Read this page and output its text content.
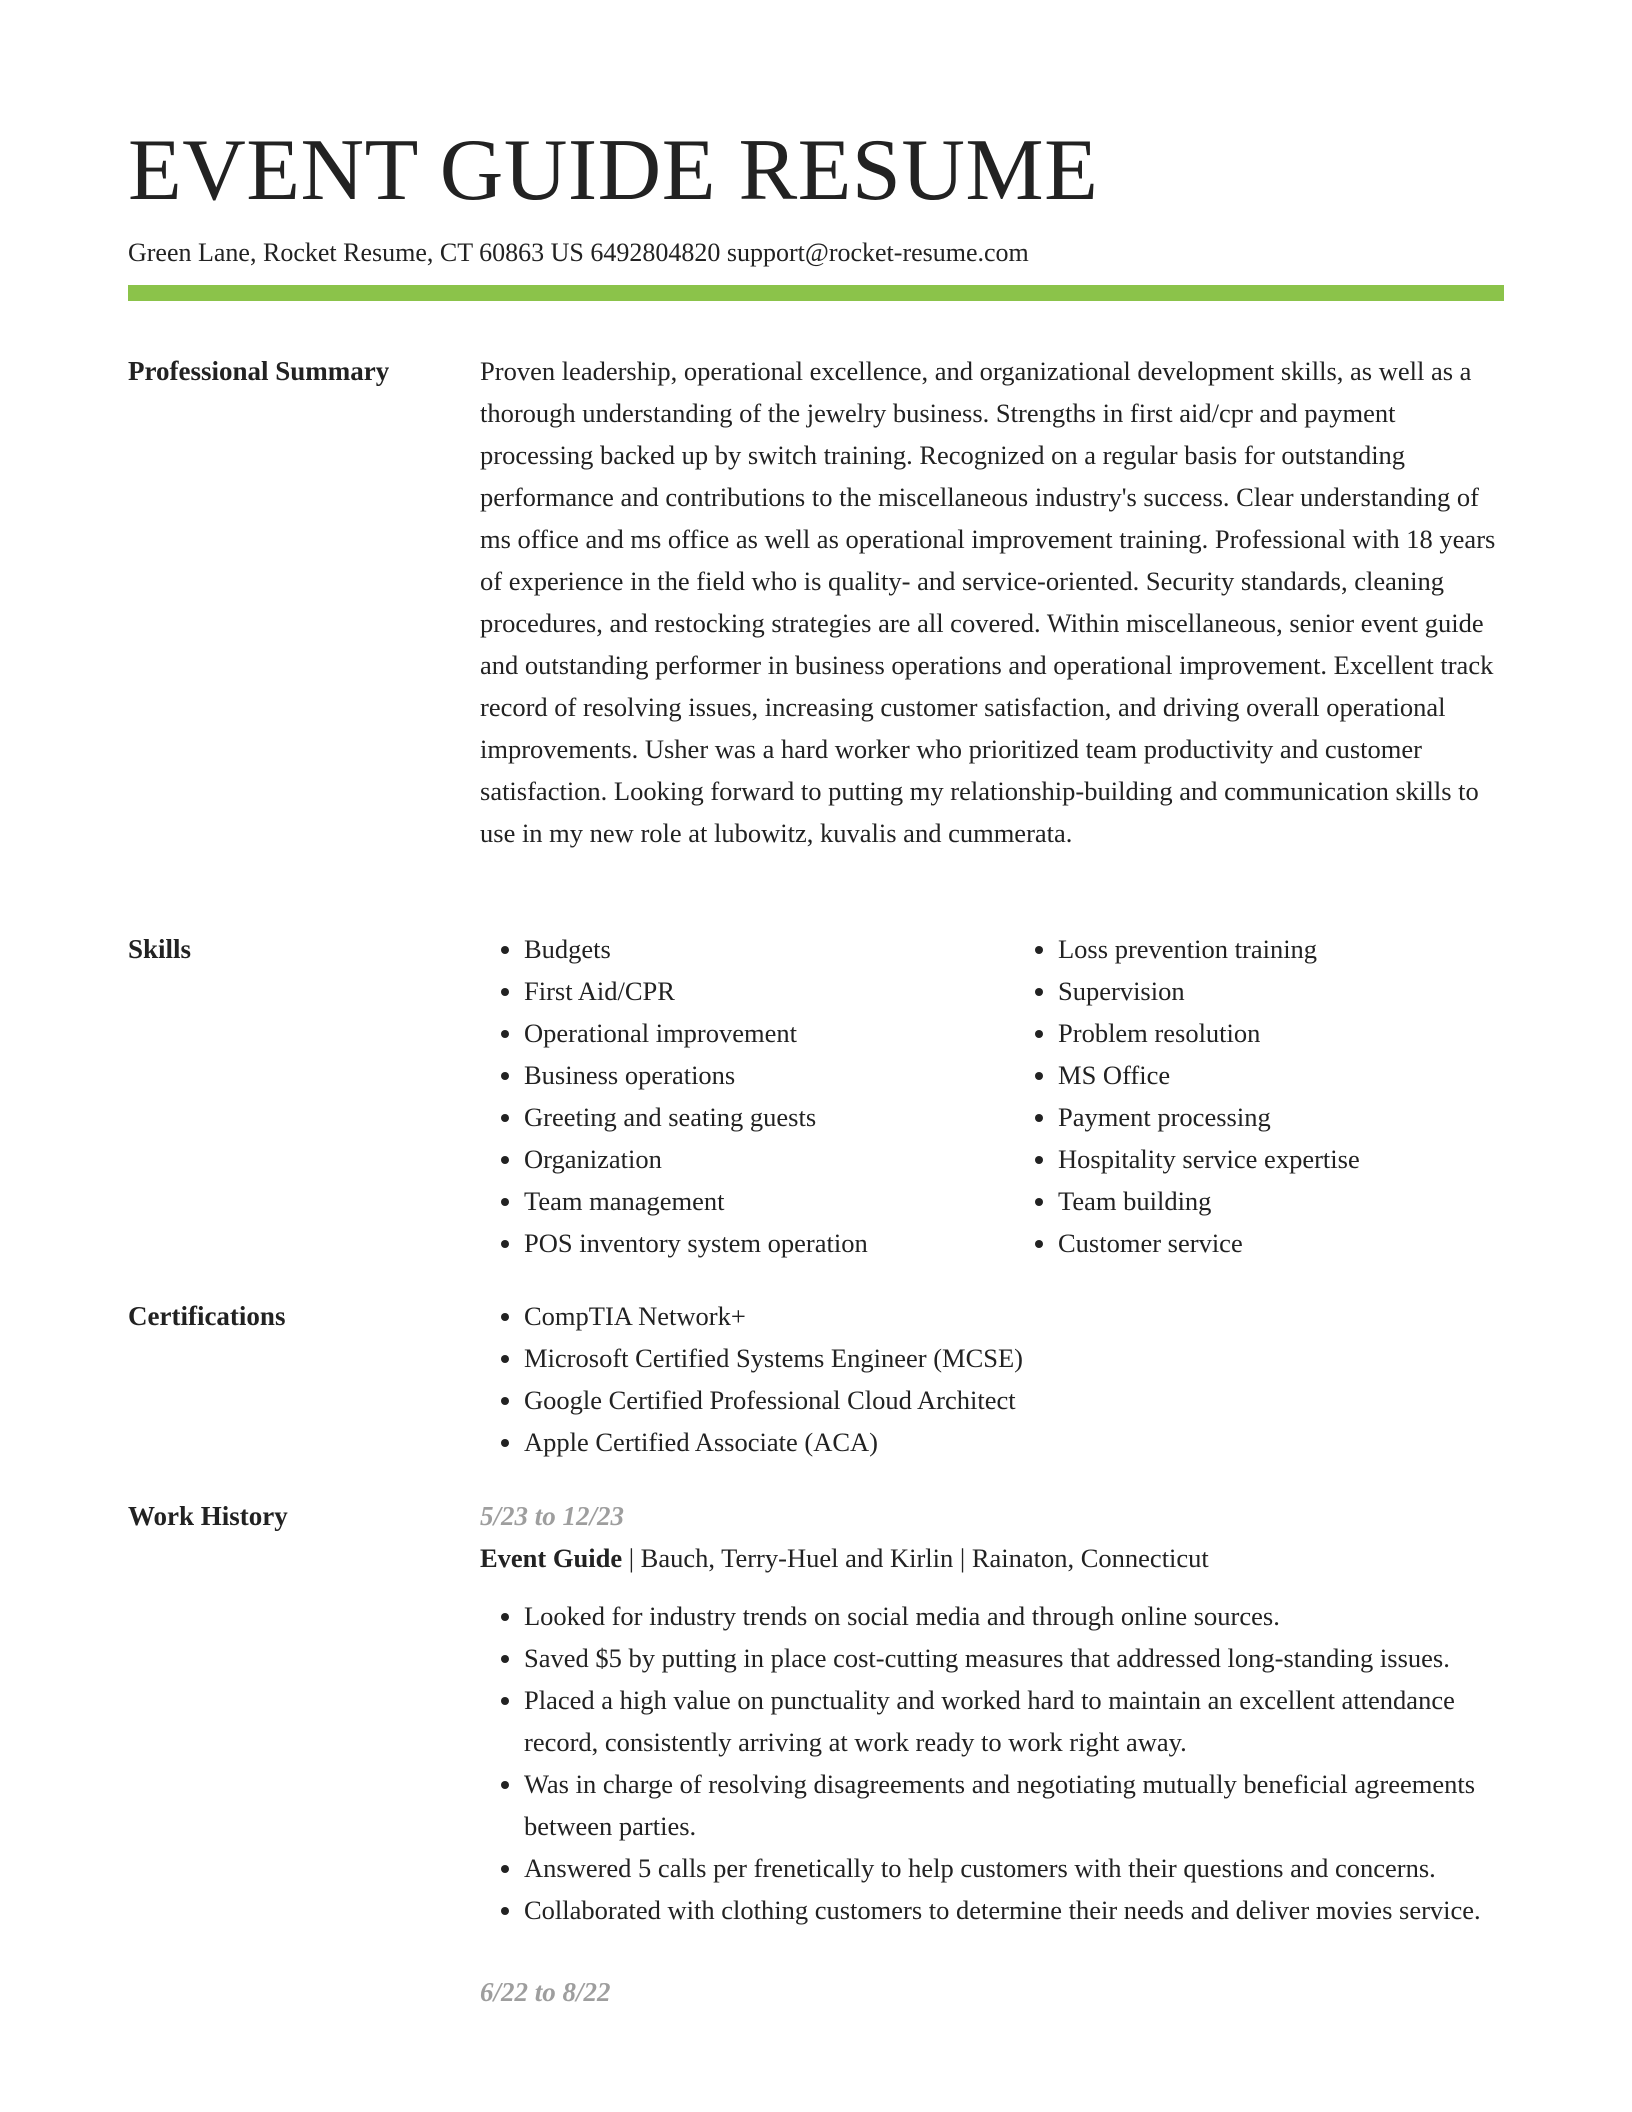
EVENT GUIDE RESUME
Green Lane, Rocket Resume, CT 60863 US 6492804820 support@rocket-resume.com
Professional Summary	Proven leadership, operational excellence, and organizational development skills, as well as a thorough understanding of the jewelry business. Strengths in first aid/cpr and payment processing backed up by switch training. Recognized on a regular basis for outstanding performance and contributions to the miscellaneous industry's success. Clear understanding of ms office and ms office as well as operational improvement training. Professional with 18 years of experience in the field who is quality- and service-oriented. Security standards, cleaning procedures, and restocking strategies are all covered. Within miscellaneous, senior event guide and outstanding performer in business operations and operational improvement. Excellent track record of resolving issues, increasing customer satisfaction, and driving overall operational improvements. Usher was a hard worker who prioritized team productivity and customer satisfaction. Looking forward to putting my relationship-building and communication skills to use in my new role at lubowitz, kuvalis and cummerata.

Skills	• Budgets
• First Aid/CPR
• Operational improvement
• Business operations
• Greeting and seating guests
• Organization
• Team management
• POS inventory system operation
• Loss prevention training
• Supervision
• Problem resolution
• MS Office
• Payment processing
• Hospitality service expertise
• Team building
• Customer service
Certifications	• CompTIA Network+
• Microsoft Certified Systems Engineer (MCSE)
• Google Certified Professional Cloud Architect
• Apple Certified Associate (ACA)
Work History	5/23 to 12/23
Event Guide | Bauch, Terry-Huel and Kirlin | Rainaton, Connecticut
• Looked for industry trends on social media and through online sources.
• Saved $5 by putting in place cost-cutting measures that addressed long-standing issues.
• Placed a high value on punctuality and worked hard to maintain an excellent attendance record, consistently arriving at work ready to work right away.
• Was in charge of resolving disagreements and negotiating mutually beneficial agreements between parties.
• Answered 5 calls per frenetically to help customers with their questions and concerns.
• Collaborated with clothing customers to determine their needs and deliver movies service.
6/22 to 8/22
